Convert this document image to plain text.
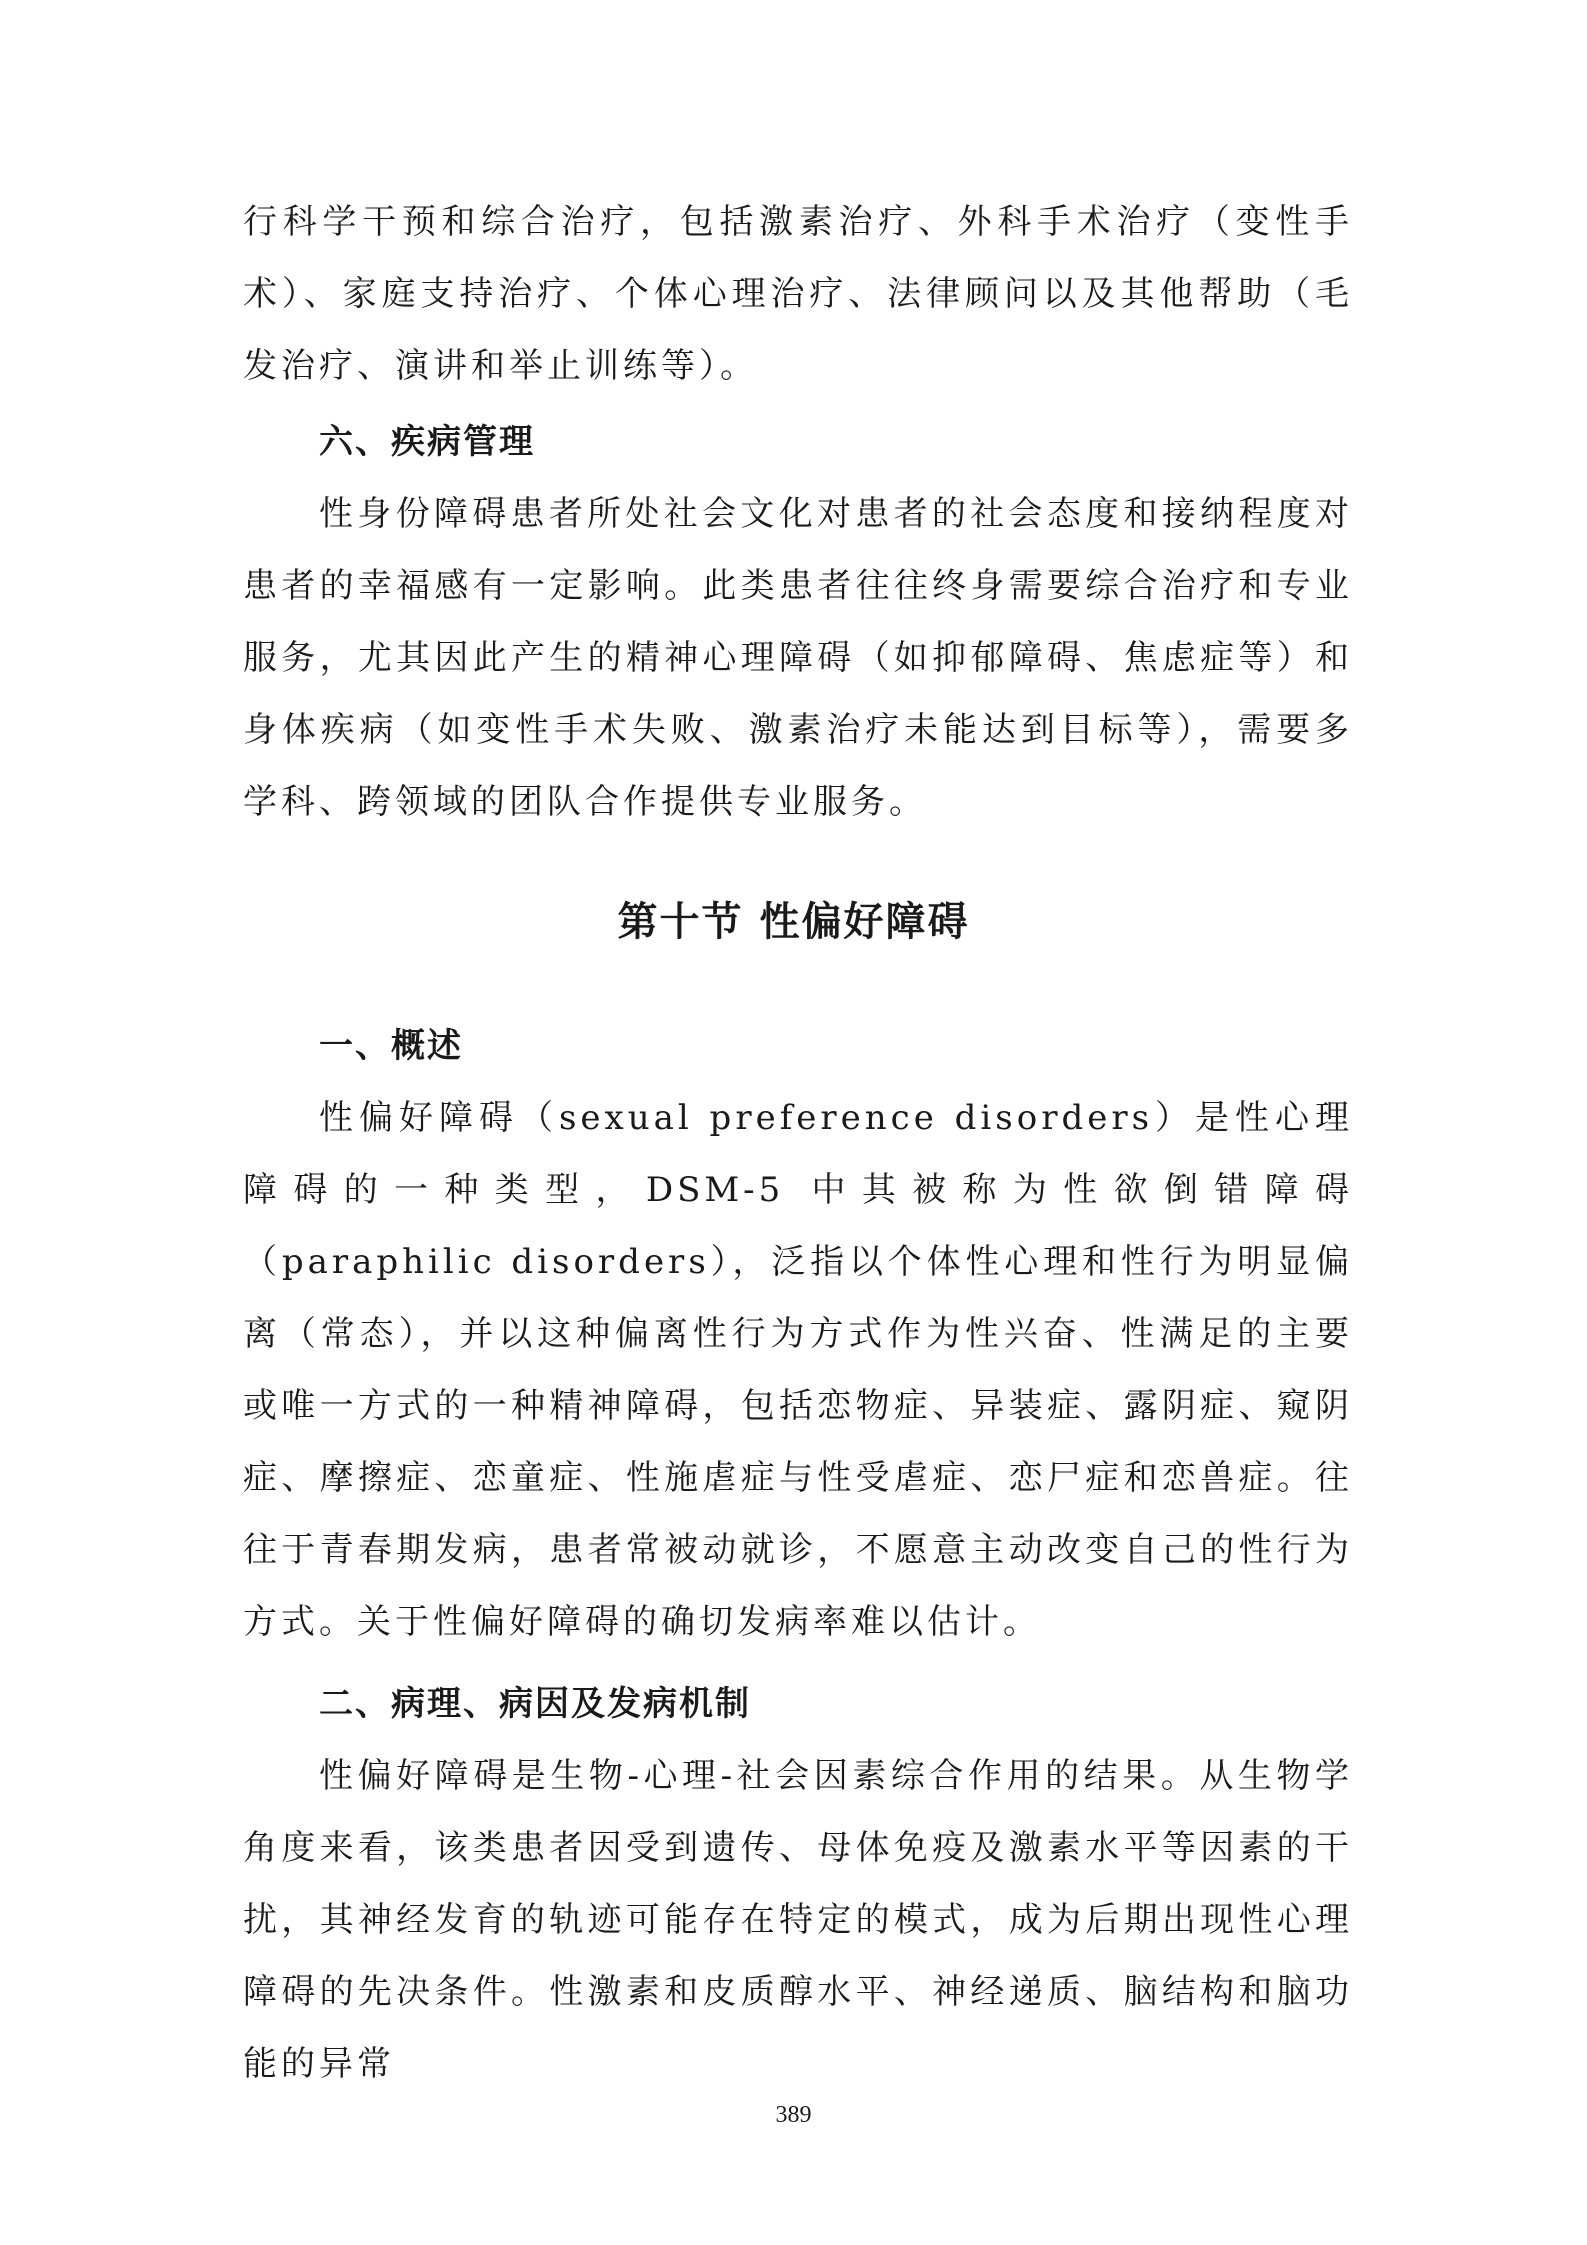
行科学干预和综合治疗，包括激素治疗、外科手术治疗（变性手术）、家庭支持治疗、个体心理治疗、法律顾问以及其他帮助（毛发治疗、演讲和举止训练等）。
六、疾病管理
性身份障碍患者所处社会文化对患者的社会态度和接纳程度对患者的幸福感有一定影响。此类患者往往终身需要综合治疗和专业服务，尤其因此产生的精神心理障碍（如抑郁障碍、焦虑症等）和身体疾病（如变性手术失败、激素治疗未能达到目标等），需要多学科、跨领域的团队合作提供专业服务。
第十节 性偏好障碍
一、概述
性偏好障碍（sexual preference disorders）是性心理障碍的一种类型，DSM-5 中其被称为性欲倒错障碍（paraphilic disorders），泛指以个体性心理和性行为明显偏离（常态），并以这种偏离性行为方式作为性兴奋、性满足的主要或唯一方式的一种精神障碍，包括恋物症、异装症、露阴症、窥阴症、摩擦症、恋童症、性施虐症与性受虐症、恋尸症和恋兽症。往往于青春期发病，患者常被动就诊，不愿意主动改变自己的性行为方式。关于性偏好障碍的确切发病率难以估计。
二、病理、病因及发病机制
性偏好障碍是生物-心理-社会因素综合作用的结果。从生物学角度来看，该类患者因受到遗传、母体免疫及激素水平等因素的干扰，其神经发育的轨迹可能存在特定的模式，成为后期出现性心理障碍的先决条件。性激素和皮质醇水平、神经递质、脑结构和脑功能的异常
389
